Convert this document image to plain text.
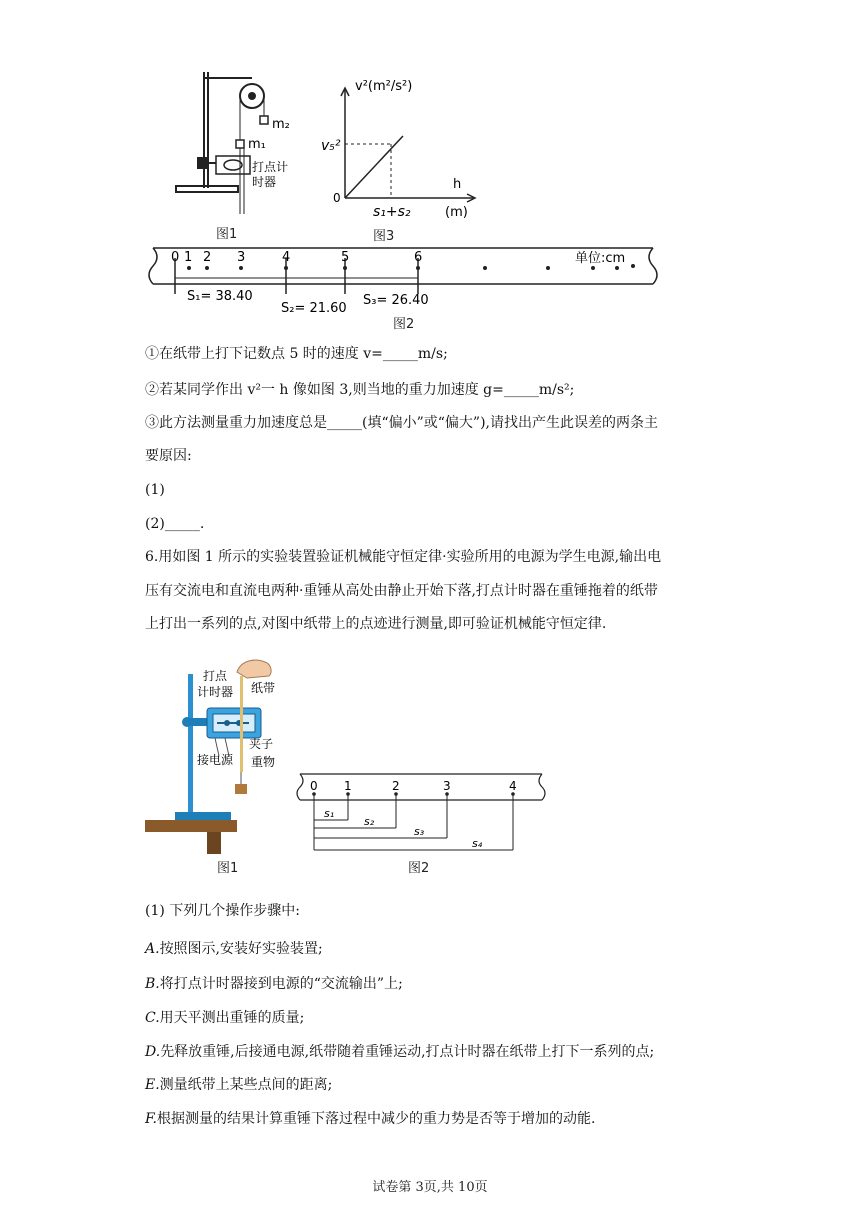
m₂
m₁
打点计
时器
图1
v²(m²/s²)
v₅²
0
h
s₁+s₂	(m)
图3
0 1 2 3	4	5	6	单位:cm
S₁= 38.40
S₂= 21.60
S₃= 26.40
图2
①在纸带上打下记数点 5 时的速度 v=_____m/s;
②若某同学作出 v²一 h 像如图 3,则当地的重力加速度 g=_____m/s²;
③此方法测量重力加速度总是_____(填“偏小”或“偏大”),请找出产生此误差的两条主
要原因:
(1)
(2)_____.
6.用如图 1 所示的实验装置验证机械能守恒定律·实验所用的电源为学生电源,输出电
压有交流电和直流电两种·重锤从高处由静止开始下落,打点计时器在重锤拖着的纸带
上打出一系列的点,对图中纸带上的点迹进行测量,即可验证机械能守恒定律.
打点
计时器 纸带
夹子
接电源 重物
图1
0 1	2	3	4
s₁
s₂
s₃
s₄
图2
(1) 下列几个操作步骤中:
A.按照图示,安装好实验装置;
B.将打点计时器接到电源的“交流输出”上;
C.用天平测出重锤的质量;
D.先释放重锤,后接通电源,纸带随着重锤运动,打点计时器在纸带上打下一系列的点;
E.测量纸带上某些点间的距离;
F.根据测量的结果计算重锤下落过程中减少的重力势是否等于增加的动能.
试卷第 3页,共 10页
